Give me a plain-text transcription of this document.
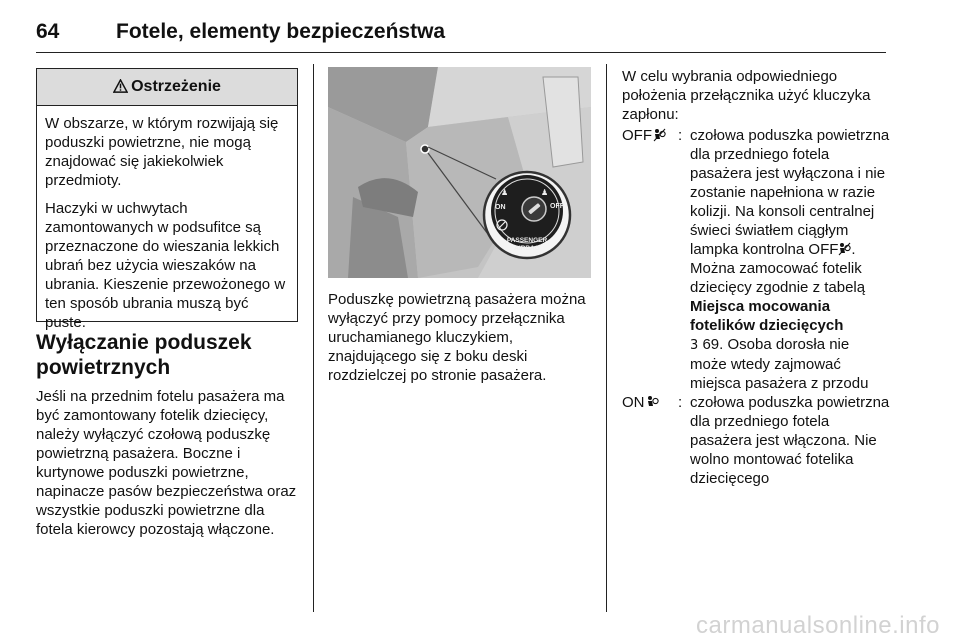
64	Fotele, elementy bezpieczeństwa
Ostrzeżenie

W obszarze, w którym rozwijają się poduszki powietrzne, nie mogą znajdować się jakiekolwiek przedmioty.

Haczyki w uchwytach zamontowanych w podsufitce są przeznaczone do wieszania lekkich ubrań bez użycia wieszaków na ubrania. Kieszenie przewożonego w ten sposób ubrania muszą być puste.

Wyłączanie poduszek powietrznych
Jeśli na przednim fotelu pasażera ma być zamontowany fotelik dziecięcy, należy wyłączyć czołową poduszkę powietrzną pasażera. Boczne i kurtynowe poduszki powietrzne, napinacze pasów bezpieczeństwa oraz wszystkie poduszki powietrzne dla fotela kierowcy pozostają włączone.
♟	♟
ON	OFF
PASSENGER
AIRBAG
Poduszkę powietrzną pasażera można wyłączyć przy pomocy przełącznika uruchamianego kluczykiem, znajdującego się z boku deski rozdzielczej po stronie pasażera.
W celu wybrania odpowiedniego położenia przełącznika użyć kluczyka zapłonu:
OFF	: czołowa poduszka powietrzna dla przedniego fotela pasażera jest wyłączona i nie zostanie napełniona w razie kolizji. Na konsoli centralnej świeci światłem ciągłym lampka kontrolna OFF . Można zamocować fotelik dziecięcy zgodnie z tabelą Miejsca mocowania fotelików dziecięcych
3 69. Osoba dorosła nie może wtedy zajmować miejsca pasażera z przodu
ON	: czołowa poduszka powietrzna dla przedniego fotela pasażera jest włączona. Nie wolno montować fotelika dziecięcego
carmanualsonline.info
